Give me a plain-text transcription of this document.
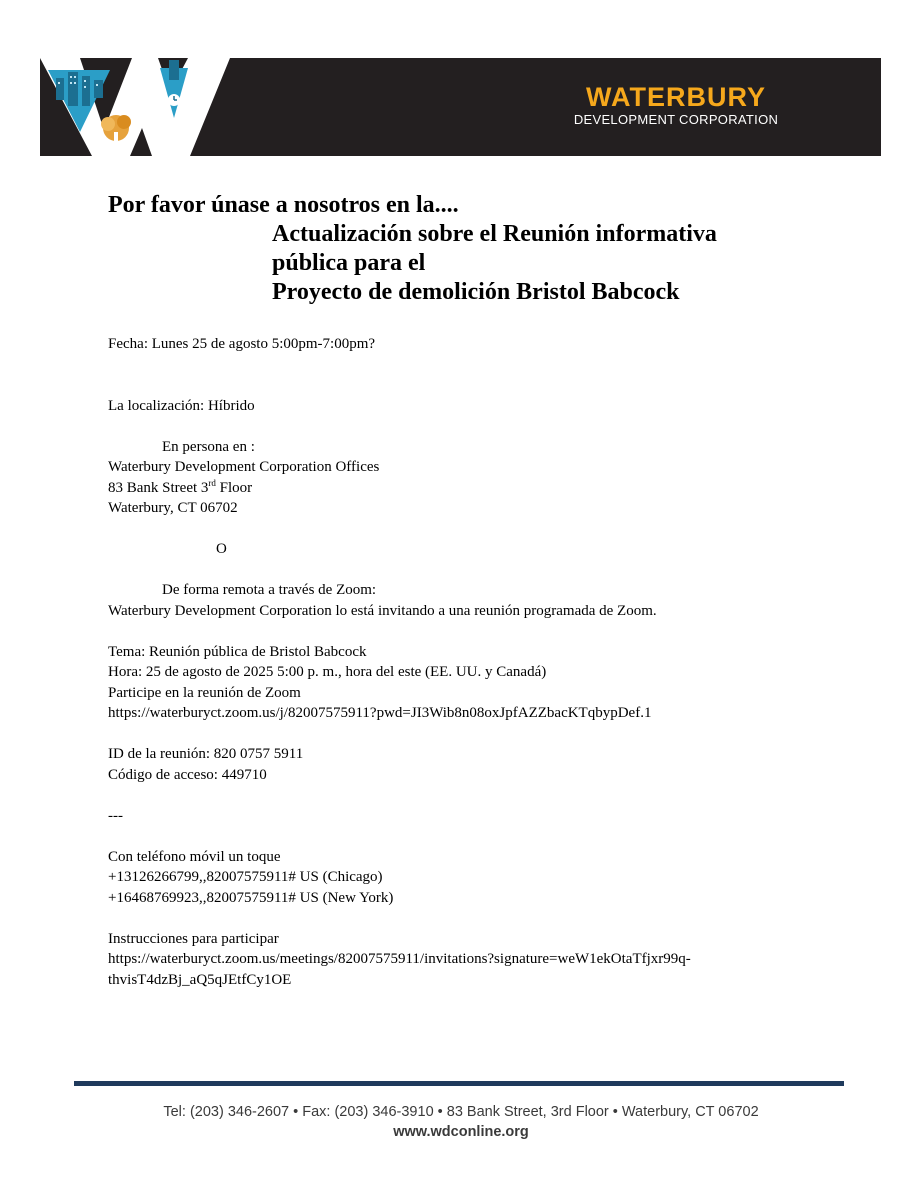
WATERBURY
DEVELOPMENT CORPORATION
Por favor únase a nosotros en la....
Actualización sobre el Reunión informativa
pública para el
Proyecto de demolición Bristol Babcock
Fecha: Lunes 25 de agosto 5:00pm-7:00pm?
La localización: Híbrido
En persona en :
Waterbury Development Corporation Offices
83 Bank Street 3rd Floor
Waterbury, CT 06702
O
De forma remota a través de Zoom:
Waterbury Development Corporation lo está invitando a una reunión programada de Zoom.
Tema: Reunión pública de Bristol Babcock
Hora: 25 de agosto de 2025 5:00 p. m., hora del este (EE. UU. y Canadá)
Participe en la reunión de Zoom
https://waterburyct.zoom.us/j/82007575911?pwd=JI3Wib8n08oxJpfAZZbacKTqbypDef.1
ID de la reunión: 820 0757 5911
Código de acceso: 449710
---
Con teléfono móvil un toque
+13126266799,,82007575911# US (Chicago)
+16468769923,,82007575911# US (New York)
Instrucciones para participar
https://waterburyct.zoom.us/meetings/82007575911/invitations?signature=weW1ekOtaTfjxr99q-
thvisT4dzBj_aQ5qJEtfCy1OE
Tel: (203) 346-2607 • Fax: (203) 346-3910 • 83 Bank Street, 3rd Floor • Waterbury, CT 06702
www.wdconline.org
